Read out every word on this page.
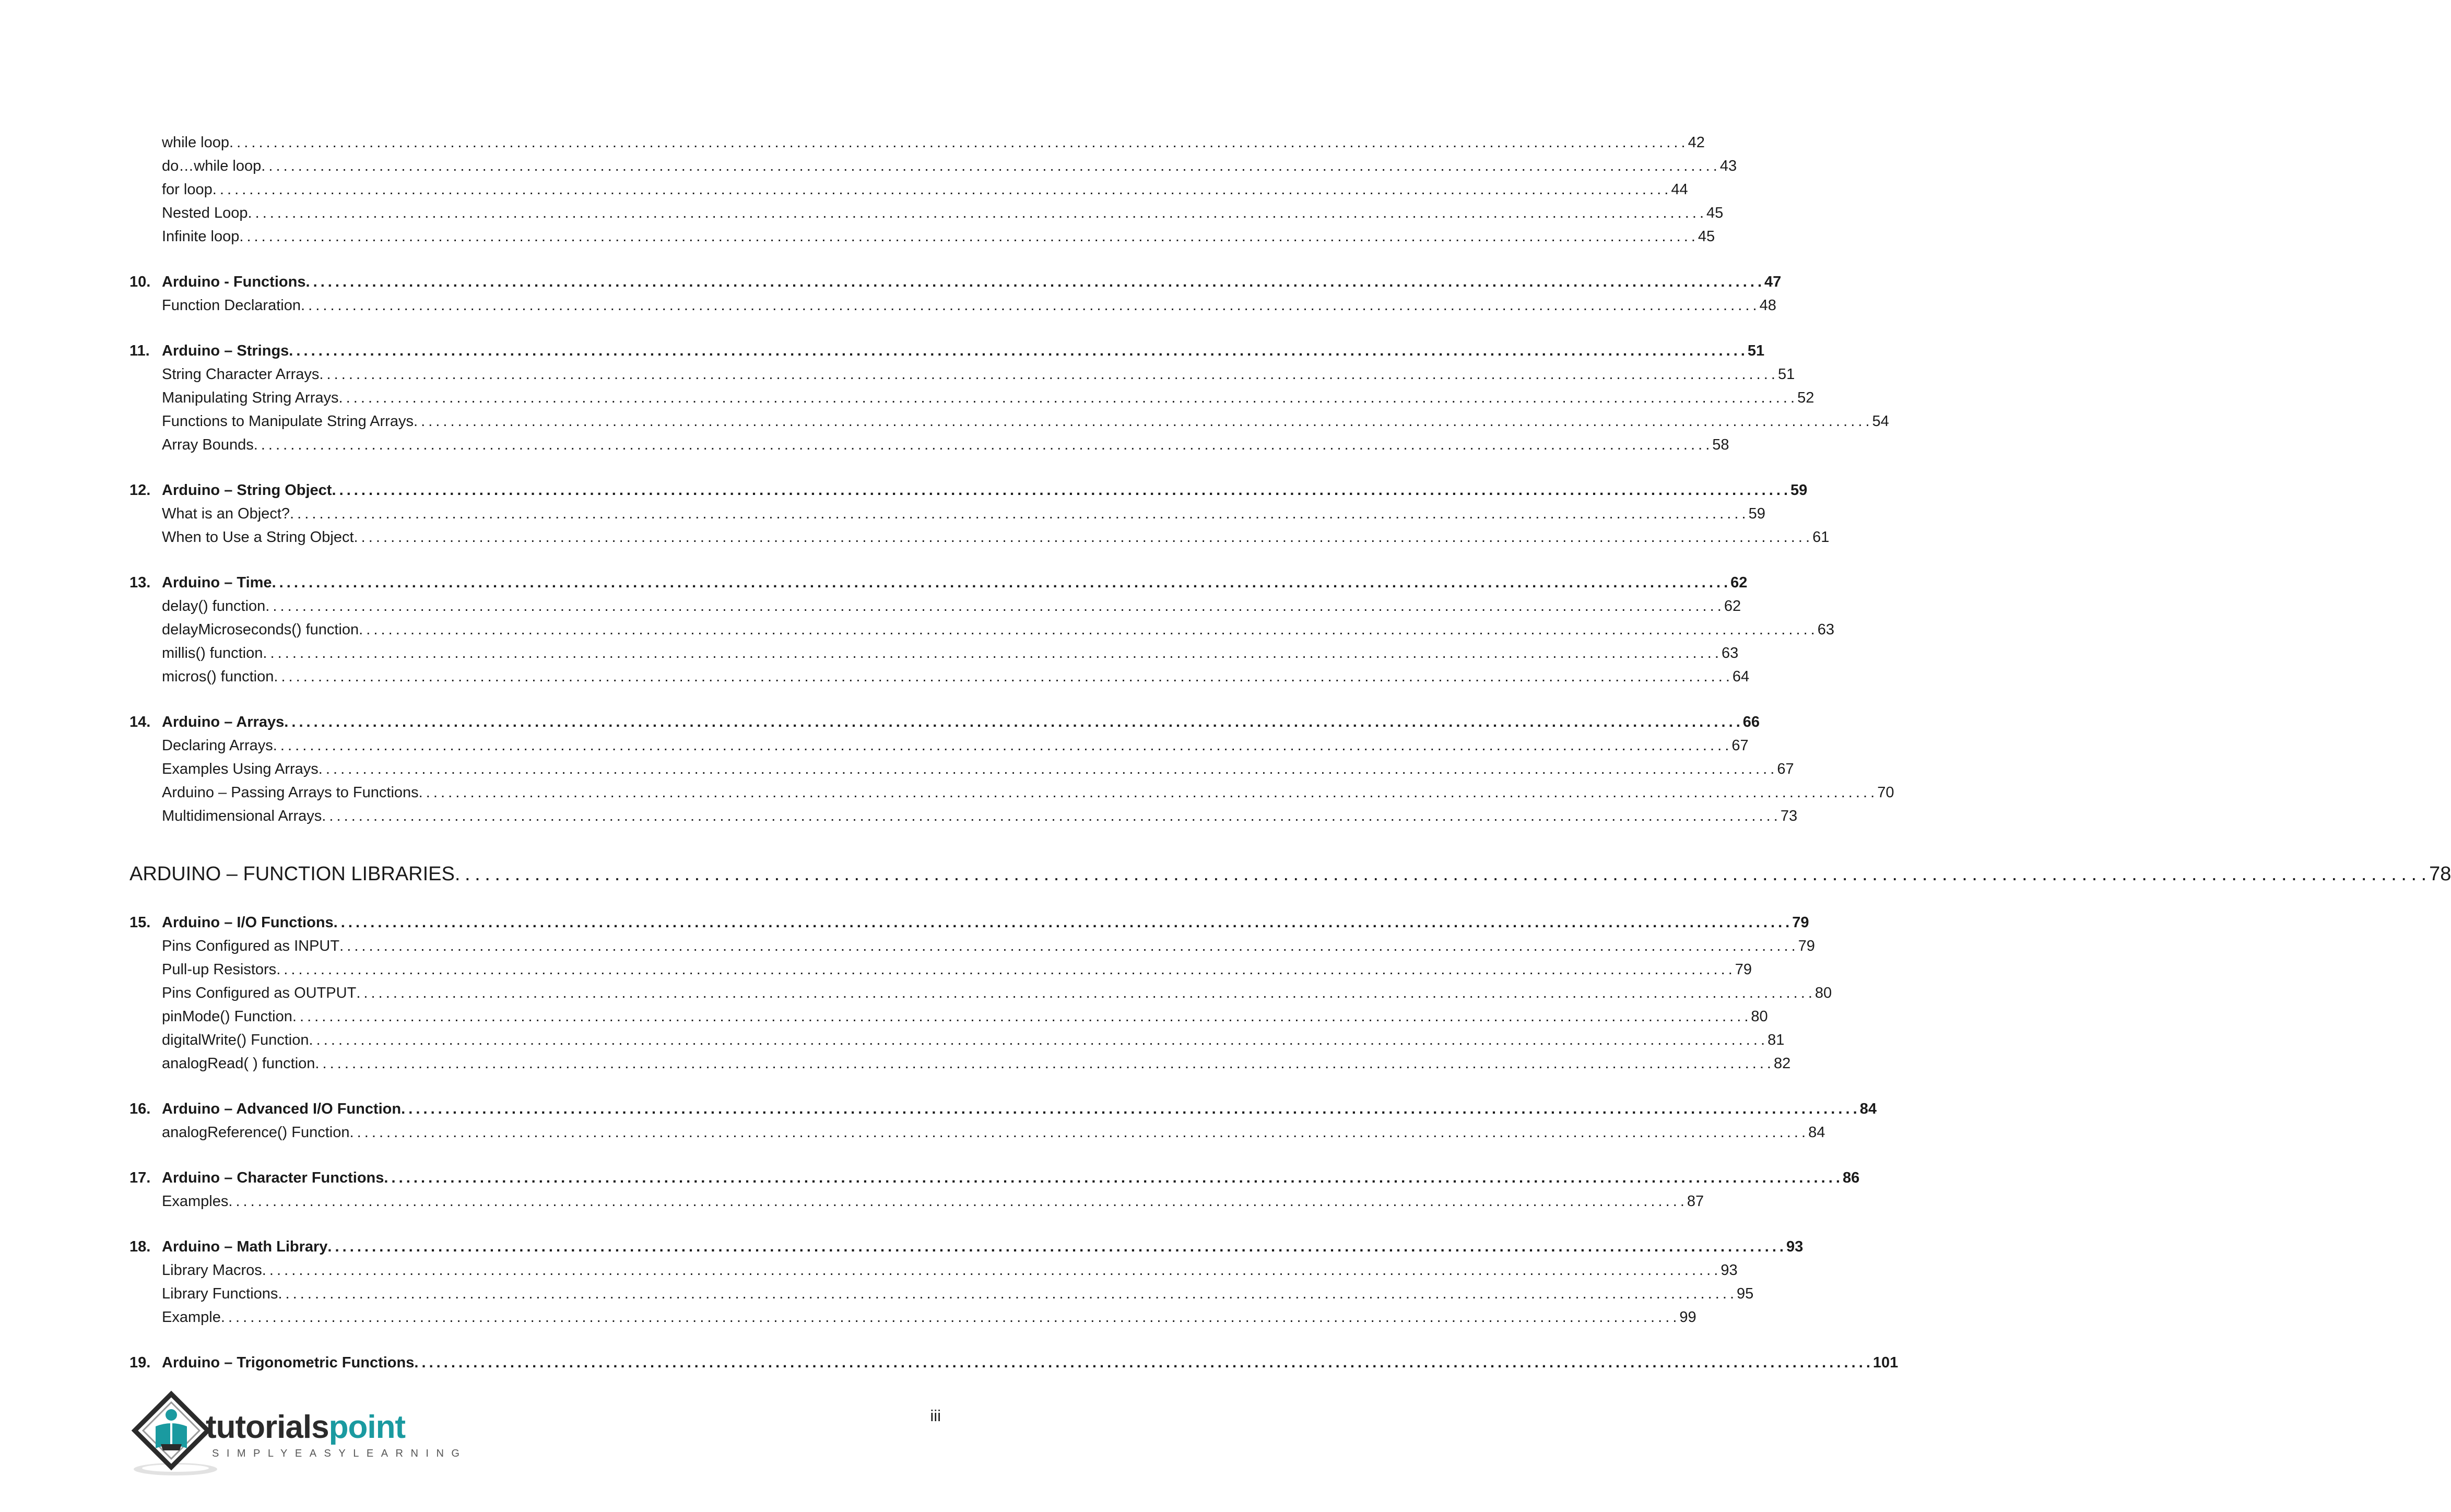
while loop . . .	42
do…while loop . . .	43
for loop . . .	44
Nested Loop . . .	45
Infinite loop . . .	45
10. Arduino - Functions . . .	47
Function Declaration . . .	48
11. Arduino – Strings . . .	51
String Character Arrays . . .	51
Manipulating String Arrays . . .	52
Functions to Manipulate String Arrays . . .	54
Array Bounds . . .	58
12. Arduino – String Object . . .	59
What is an Object? . . .	59
When to Use a String Object . . .	61
13. Arduino – Time . . .	62
delay() function . . .	62
delayMicroseconds() function . . .	63
millis() function . . .	63
micros() function . . .	64
14. Arduino – Arrays . . .	66
Declaring Arrays . . .	67
Examples Using Arrays . . .	67
Arduino – Passing Arrays to Functions . . .	70
Multidimensional Arrays . . .	73
ARDUINO – FUNCTION LIBRARIES . . .	78
15. Arduino – I/O Functions . . .	79
Pins Configured as INPUT . . .	79
Pull-up Resistors . . .	79
Pins Configured as OUTPUT . . .	80
pinMode() Function . . .	80
digitalWrite() Function . . .	81
analogRead( ) function . . .	82
16. Arduino – Advanced I/O Function . . .	84
analogReference() Function . . .	84
17. Arduino – Character Functions . . .	86
Examples . . .	87
18. Arduino – Math Library . . .	93
Library Macros . . .	93
Library Functions . . .	95
Example . . .	99
19. Arduino – Trigonometric Functions . . .	101
iii
tutorialspoint
SIMPLYEASYLEARNING
